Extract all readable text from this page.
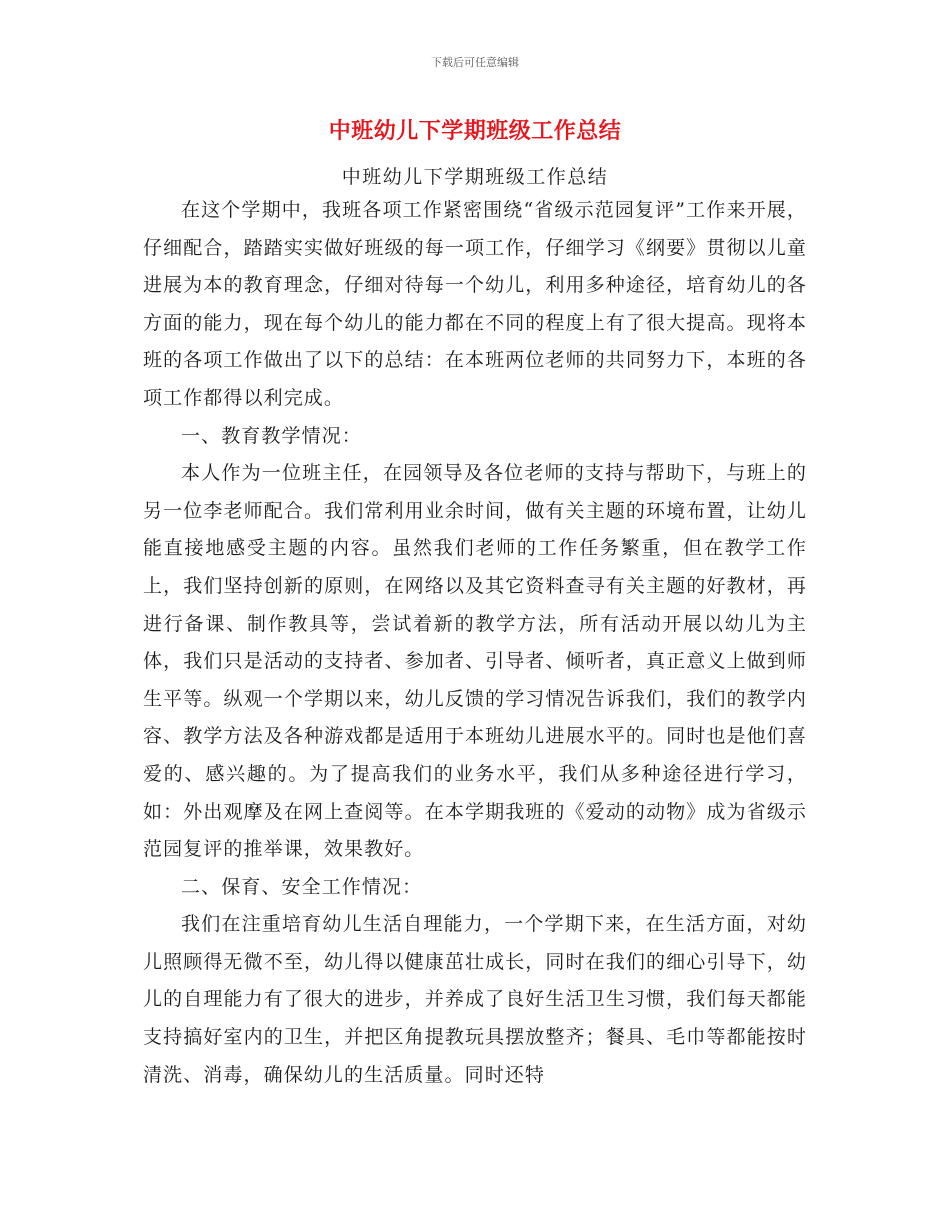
下载后可任意编辑
中班幼儿下学期班级工作总结
中班幼儿下学期班级工作总结

在这个学期中，我班各项工作紧密围绕“省级示范园复评”工作来开展，仔细配合，踏踏实实做好班级的每一项工作，仔细学习《纲要》贯彻以儿童进展为本的教育理念，仔细对待每一个幼儿，利用多种途径，培育幼儿的各方面的能力，现在每个幼儿的能力都在不同的程度上有了很大提高。现将本班的各项工作做出了以下的总结：在本班两位老师的共同努力下，本班的各项工作都得以利完成。

一、教育教学情况：

本人作为一位班主任，在园领导及各位老师的支持与帮助下，与班上的另一位李老师配合。我们常利用业余时间，做有关主题的环境布置，让幼儿能直接地感受主题的内容。虽然我们老师的工作任务繁重，但在教学工作上，我们坚持创新的原则，在网络以及其它资料查寻有关主题的好教材，再进行备课、制作教具等，尝试着新的教学方法，所有活动开展以幼儿为主体，我们只是活动的支持者、参加者、引导者、倾听者，真正意义上做到师生平等。纵观一个学期以来，幼儿反馈的学习情况告诉我们，我们的教学内容、教学方法及各种游戏都是适用于本班幼儿进展水平的。同时也是他们喜爱的、感兴趣的。为了提高我们的业务水平，我们从多种途径进行学习，如：外出观摩及在网上查阅等。在本学期我班的《爱动的动物》成为省级示范园复评的推举课，效果教好。

二、保育、安全工作情况：

我们在注重培育幼儿生活自理能力，一个学期下来，在生活方面，对幼儿照顾得无微不至，幼儿得以健康茁壮成长，同时在我们的细心引导下，幼儿的自理能力有了很大的进步，并养成了良好生活卫生习惯，我们每天都能支持搞好室内的卫生，并把区角提教玩具摆放整齐；餐具、毛巾等都能按时清洗、消毒，确保幼儿的生活质量。同时还特
